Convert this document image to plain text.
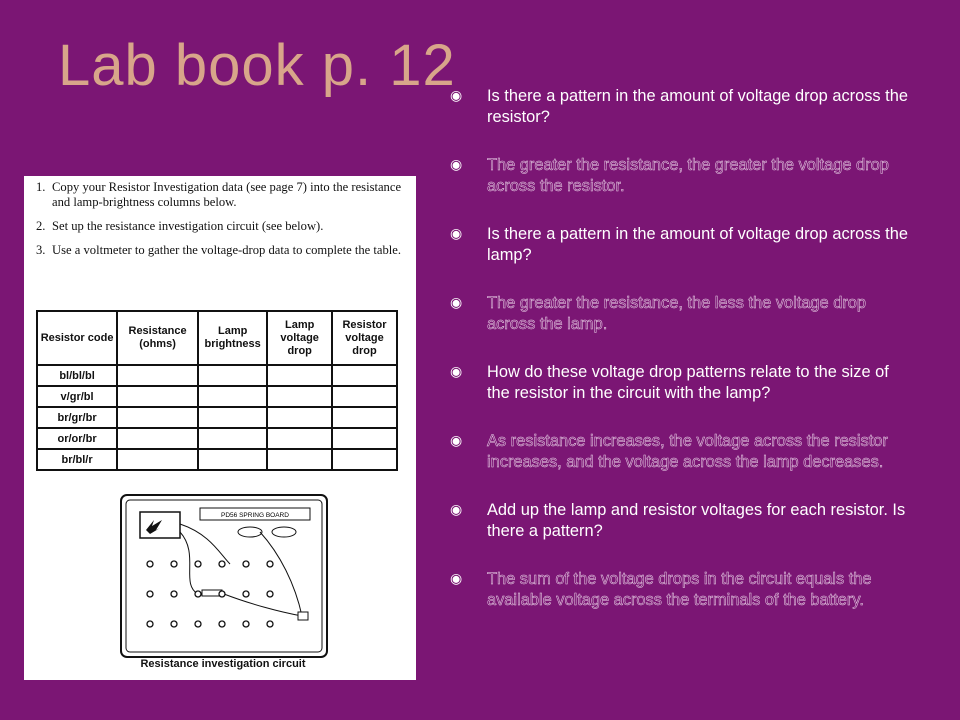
Lab book p. 12
1. Copy your Resistor Investigation data (see page 7) into the resistance and lamp-brightness columns below.
2. Set up the resistance investigation circuit (see below).
3. Use a voltmeter to gather the voltage-drop data to complete the table.
Resistor code	Resistance (ohms)	Lamp brightness	Lamp voltage drop	Resistor voltage drop
bl/bl/bl				
v/gr/bl				
br/gr/br				
or/or/br				
br/bl/r				
PD56 SPRING BOARD
Resistance investigation circuit
◉	Is there a pattern in the amount of voltage drop across the resistor?
◉	The greater the resistance, the greater the voltage drop across the resistor.
◉	Is there a pattern in the amount of voltage drop across the lamp?
◉	The greater the resistance, the less the voltage drop across the lamp.
◉	How do these voltage drop patterns relate to the size of the resistor in the circuit with the lamp?
◉	As resistance increases, the voltage across the resistor increases, and the voltage across the lamp decreases.
◉	Add up the lamp and resistor voltages for each resistor. Is there a pattern?
◉	The sum of the voltage drops in the circuit equals the available voltage across the terminals of the battery.
